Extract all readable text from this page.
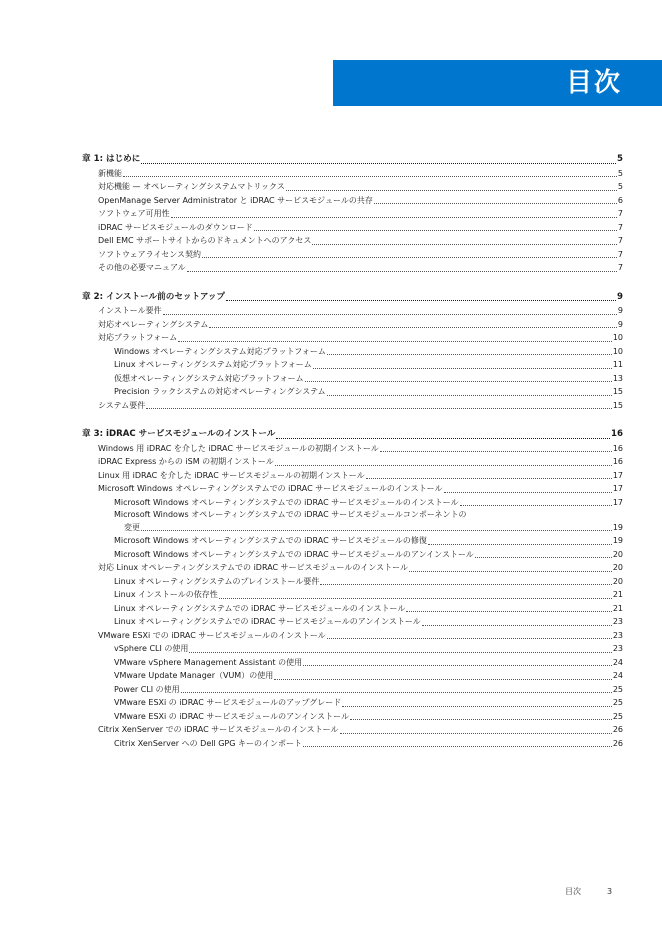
目次
章 1: はじめに	5
新機能	5
対応機能 — オペレーティングシステムマトリックス	5
OpenManage Server Administrator と iDRAC サービスモジュールの共存	6
ソフトウェア可用性	7
iDRAC サービスモジュールのダウンロード	7
Dell EMC サポートサイトからのドキュメントへのアクセス	7
ソフトウェアライセンス契約	7
その他の必要マニュアル	7
章 2: インストール前のセットアップ	9
インストール要件	9
対応オペレーティングシステム	9
対応プラットフォーム	10
Windows オペレーティングシステム対応プラットフォーム	10
Linux オペレーティングシステム対応プラットフォーム	11
仮想オペレーティングシステム対応プラットフォーム	13
Precision ラックシステムの対応オペレーティングシステム	15
システム要件	15
章 3: iDRAC サービスモジュールのインストール	16
Windows 用 iDRAC を介した iDRAC サービスモジュールの初期インストール	16
iDRAC Express からの iSM の初期インストール	16
Linux 用 iDRAC を介した iDRAC サービスモジュールの初期インストール	17
Microsoft Windows オペレーティングシステムでの iDRAC サービスモジュールのインストール	17
Microsoft Windows オペレーティングシステムでの iDRAC サービスモジュールのインストール	17
Microsoft Windows オペレーティングシステムでの iDRAC サービスモジュールコンポーネントの
変更	19
Microsoft Windows オペレーティングシステムでの iDRAC サービスモジュールの修復	19
Microsoft Windows オペレーティングシステムでの iDRAC サービスモジュールのアンインストール	20
対応 Linux オペレーティングシステムでの iDRAC サービスモジュールのインストール	20
Linux オペレーティングシステムのプレインストール要件	20
Linux インストールの依存性	21
Linux オペレーティングシステムでの iDRAC サービスモジュールのインストール	21
Linux オペレーティングシステムでの iDRAC サービスモジュールのアンインストール	23
VMware ESXi での iDRAC サービスモジュールのインストール	23
vSphere CLI の使用	23
VMware vSphere Management Assistant の使用	24
VMware Update Manager（VUM）の使用	24
Power CLI の使用	25
VMware ESXi の iDRAC サービスモジュールのアップグレード	25
VMware ESXi の iDRAC サービスモジュールのアンインストール	25
Citrix XenServer での iDRAC サービスモジュールのインストール	26
Citrix XenServer への Dell GPG キーのインポート	26
目次	3
